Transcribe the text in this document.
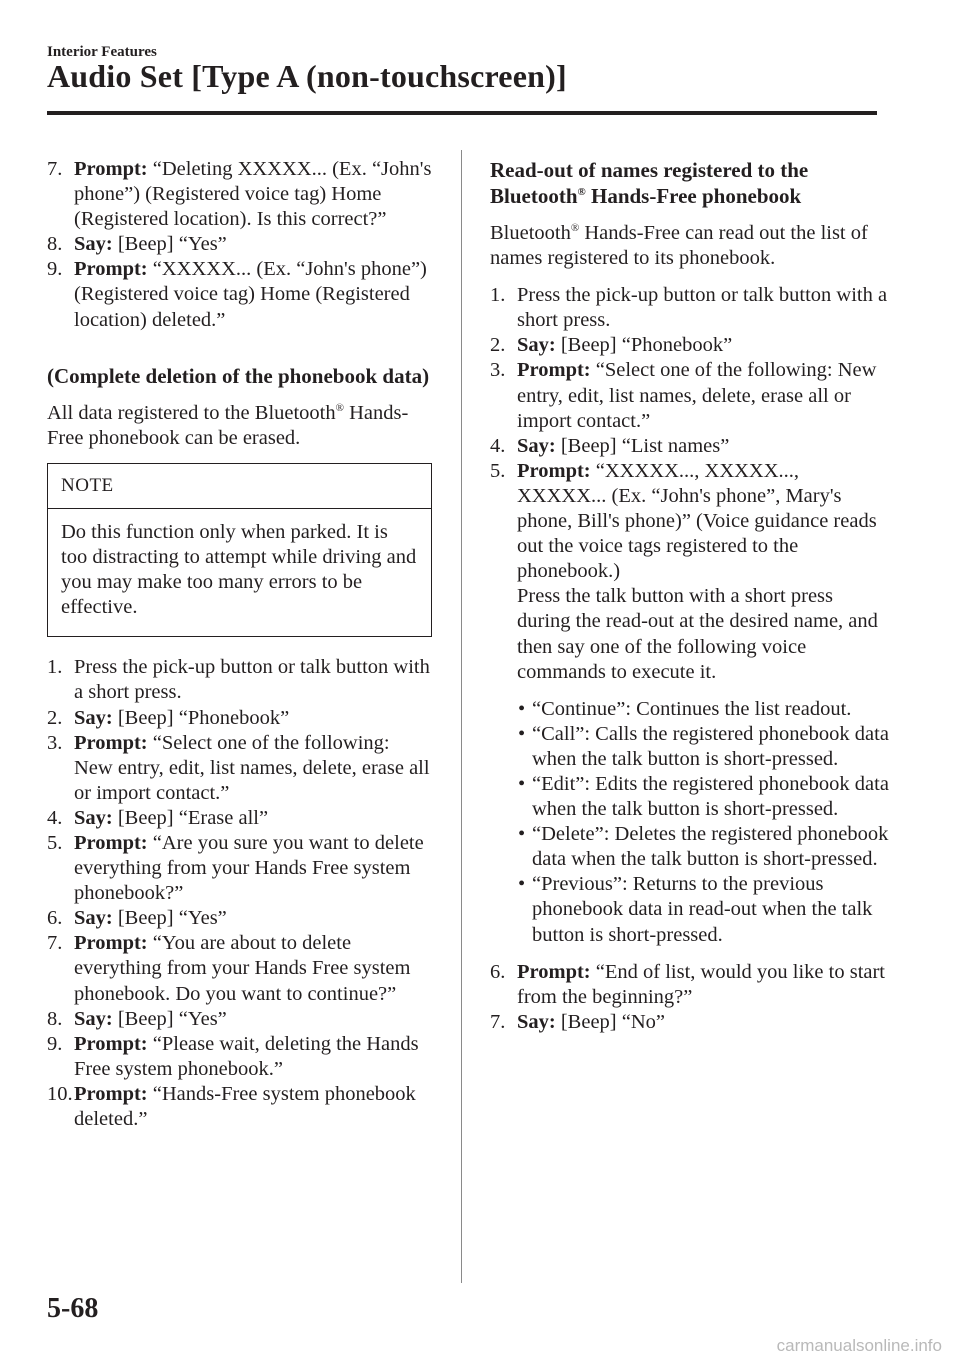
Interior Features
Audio Set [Type A (non-touchscreen)]
7. Prompt: “Deleting XXXXX... (Ex. “John's phone”) (Registered voice tag) Home (Registered location). Is this correct?”
8. Say: [Beep] “Yes”
9. Prompt: “XXXXX... (Ex. “John's phone”) (Registered voice tag) Home (Registered location) deleted.”

(Complete deletion of the phonebook data)

All data registered to the Bluetooth® Hands-Free phonebook can be erased.

NOTE
Do this function only when parked. It is too distracting to attempt while driving and you may make too many errors to be effective.
1. Press the pick-up button or talk button with a short press.
2. Say: [Beep] “Phonebook”
3. Prompt: “Select one of the following: New entry, edit, list names, delete, erase all or import contact.”
4. Say: [Beep] “Erase all”
5. Prompt: “Are you sure you want to delete everything from your Hands Free system phonebook?”
6. Say: [Beep] “Yes”
7. Prompt: “You are about to delete everything from your Hands Free system phonebook. Do you want to continue?”
8. Say: [Beep] “Yes”
9. Prompt: “Please wait, deleting the Hands Free system phonebook.”
10. Prompt: “Hands-Free system phonebook deleted.”

Read-out of names registered to the Bluetooth® Hands-Free phonebook

Bluetooth® Hands-Free can read out the list of names registered to its phonebook.

1. Press the pick-up button or talk button with a short press.
2. Say: [Beep] “Phonebook”
3. Prompt: “Select one of the following: New entry, edit, list names, delete, erase all or import contact.”
4. Say: [Beep] “List names”
5. Prompt: “XXXXX..., XXXXX..., XXXXX... (Ex. “John's phone”, Mary's phone, Bill's phone)” (Voice guidance reads out the voice tags registered to the phonebook.)
Press the talk button with a short press during the read-out at the desired name, and then say one of the following voice commands to execute it.
• “Continue”: Continues the list readout.
• “Call”: Calls the registered phonebook data when the talk button is short-pressed.
• “Edit”: Edits the registered phonebook data when the talk button is short-pressed.
• “Delete”: Deletes the registered phonebook data when the talk button is short-pressed.
• “Previous”: Returns to the previous phonebook data in read-out when the talk button is short-pressed.
6. Prompt: “End of list, would you like to start from the beginning?”
7. Say: [Beep] “No”
5-68
carmanualsonline.info
